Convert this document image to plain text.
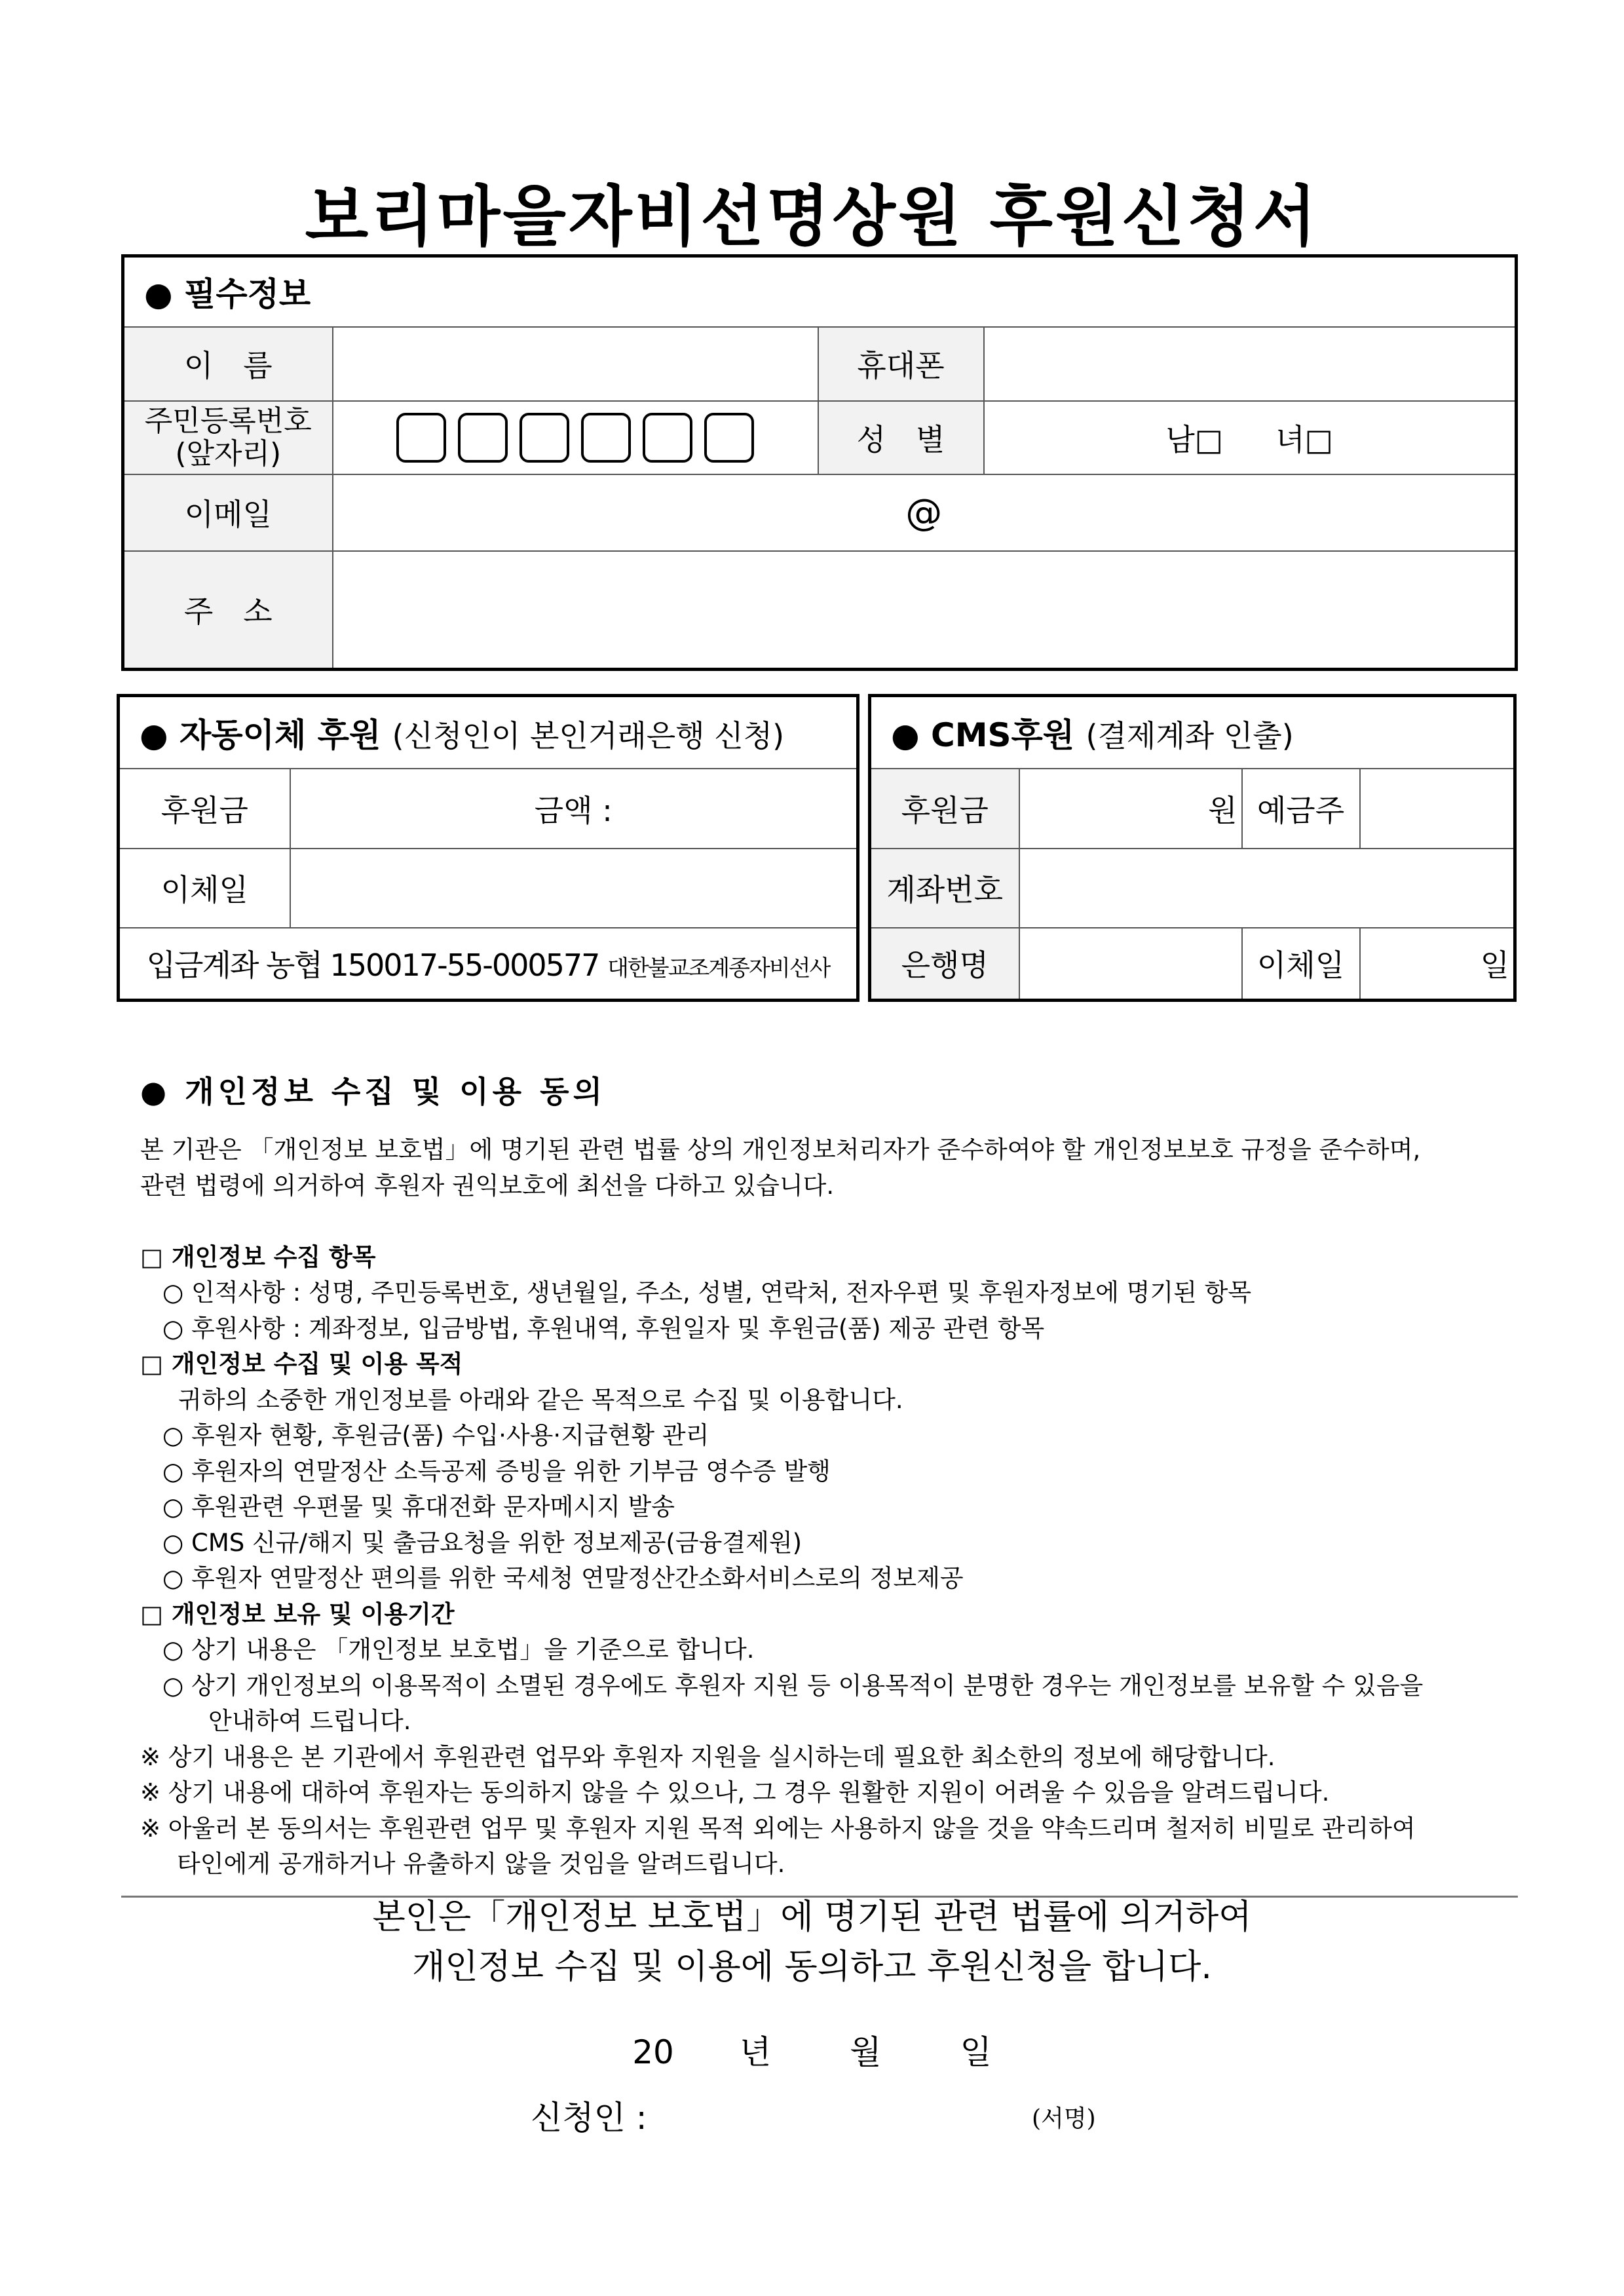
보리마을자비선명상원 후원신청서
● 필수정보			
이　름		휴대폰	

주민등록번호
(앞자리)		성　별	남□ 녀□
이메일	@		
주　소			
● 자동이체 후원 (신청인이 본인거래은행 신청)	
후원금	금액 :
이체일	
입금계좌 농협 150017-55-000577 대한불교조계종자비선사	
● CMS후원 (결제계좌 인출)			
후원금	원	예금주	
계좌번호			
은행명		이체일	일
● 개인정보 수집 및 이용 동의

본 기관은 「개인정보 보호법」에 명기된 관련 법률 상의 개인정보처리자가 준수하여야 할 개인정보보호 규정을 준수하며,

관련 법령에 의거하여 후원자 권익보호에 최선을 다하고 있습니다.

□ 개인정보 수집 항목

○ 인적사항 : 성명, 주민등록번호, 생년월일, 주소, 성별, 연락처, 전자우편 및 후원자정보에 명기된 항목

○ 후원사항 : 계좌정보, 입금방법, 후원내역, 후원일자 및 후원금(품) 제공 관련 항목

□ 개인정보 수집 및 이용 목적

귀하의 소중한 개인정보를 아래와 같은 목적으로 수집 및 이용합니다.

○ 후원자 현황, 후원금(품) 수입·사용·지급현황 관리

○ 후원자의 연말정산 소득공제 증빙을 위한 기부금 영수증 발행

○ 후원관련 우편물 및 휴대전화 문자메시지 발송

○ CMS 신규/해지 및 출금요청을 위한 정보제공(금융결제원)

○ 후원자 연말정산 편의를 위한 국세청 연말정산간소화서비스로의 정보제공

□ 개인정보 보유 및 이용기간

○ 상기 내용은 「개인정보 보호법」을 기준으로 합니다.

○ 상기 개인정보의 이용목적이 소멸된 경우에도 후원자 지원 등 이용목적이 분명한 경우는 개인정보를 보유할 수 있음을

안내하여 드립니다.

※ 상기 내용은 본 기관에서 후원관련 업무와 후원자 지원을 실시하는데 필요한 최소한의 정보에 해당합니다.

※ 상기 내용에 대하여 후원자는 동의하지 않을 수 있으나, 그 경우 원활한 지원이 어려울 수 있음을 알려드립니다.

※ 아울러 본 동의서는 후원관련 업무 및 후원자 지원 목적 외에는 사용하지 않을 것을 약속드리며 철저히 비밀로 관리하여

타인에게 공개하거나 유출하지 않을 것임을 알려드립니다.

본인은「개인정보 보호법」에 명기된 관련 법률에 의거하여
개인정보 수집 및 이용에 동의하고 후원신청을 합니다.
20　　년 월 일
신청인 :	(서명)
